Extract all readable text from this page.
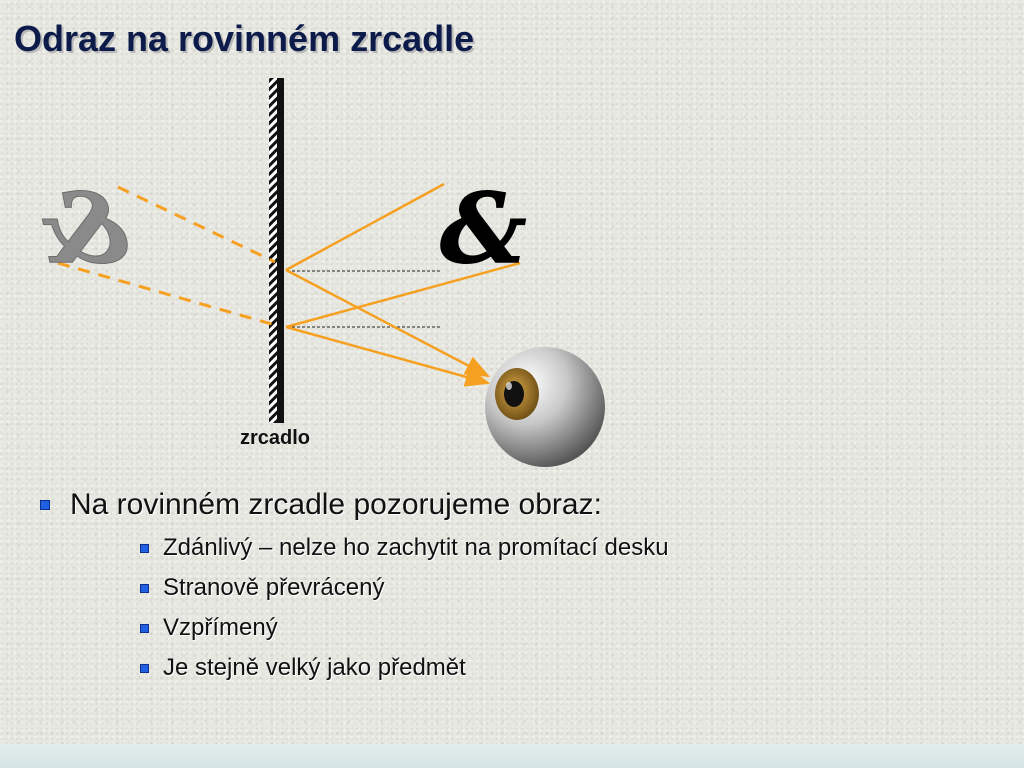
Odraz na rovinném zrcadle
&
&
zrcadlo
Na rovinném zrcadle pozorujeme obraz:
Zdánlivý – nelze ho zachytit na promítací desku
Stranově převrácený
Vzpřímený
Je stejně velký jako předmět
